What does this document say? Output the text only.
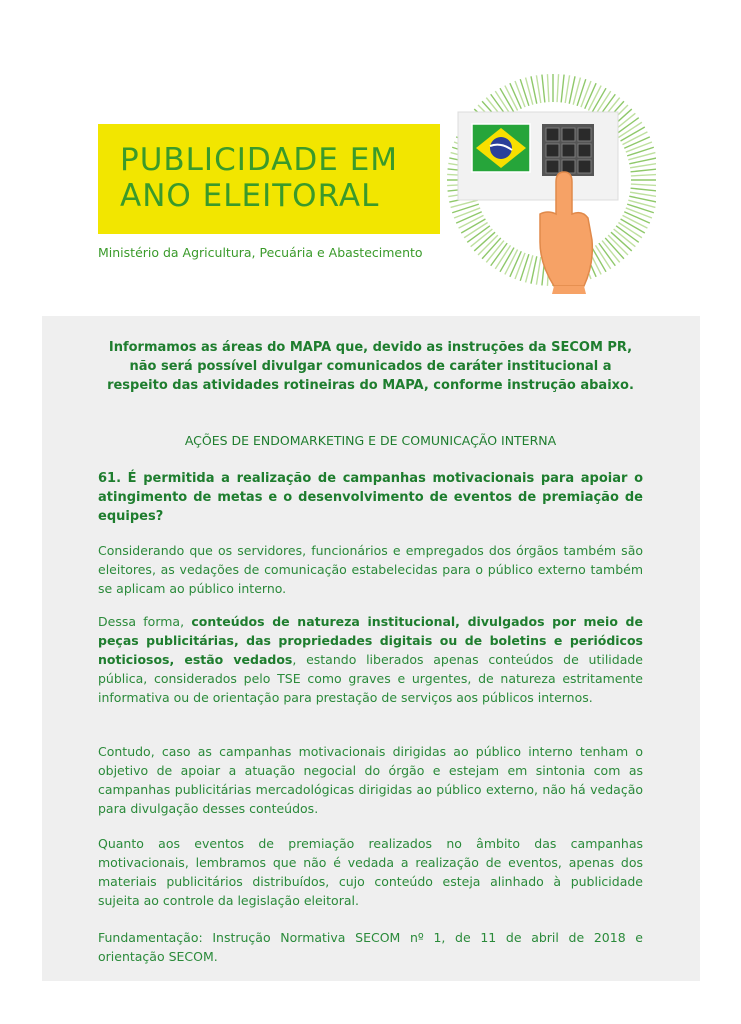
PUBLICIDADE EM
ANO ELEITORAL
Ministério da Agricultura, Pecuária e Abastecimento
Informamos as áreas do MAPA que, devido as instruções da SECOM PR, não será possível divulgar comunicados de caráter institucional a respeito das atividades rotineiras do MAPA, conforme instrução abaixo.
AÇÕES DE ENDOMARKETING E DE COMUNICAÇÃO INTERNA
61. É permitida a realização de campanhas motivacionais para apoiar o atingimento de metas e o desenvolvimento de eventos de premiação de equipes?
Considerando que os servidores, funcionários e empregados dos órgãos também são eleitores, as vedações de comunicação estabelecidas para o público externo também se aplicam ao público interno.
Dessa forma, conteúdos de natureza institucional, divulgados por meio de peças publicitárias, das propriedades digitais ou de boletins e periódicos noticiosos, estão vedados, estando liberados apenas conteúdos de utilidade pública, considerados pelo TSE como graves e urgentes, de natureza estritamente informativa ou de orientação para prestação de serviços aos públicos internos.
Contudo, caso as campanhas motivacionais dirigidas ao público interno tenham o objetivo de apoiar a atuação negocial do órgão e estejam em sintonia com as campanhas publicitárias mercadológicas dirigidas ao público externo, não há vedação para divulgação desses conteúdos.
Quanto aos eventos de premiação realizados no âmbito das campanhas motivacionais, lembramos que não é vedada a realização de eventos, apenas dos materiais publicitários distribuídos, cujo conteúdo esteja alinhado à publicidade sujeita ao controle da legislação eleitoral.
Fundamentação: Instrução Normativa SECOM nº 1, de 11 de abril de 2018 e orientação SECOM.
